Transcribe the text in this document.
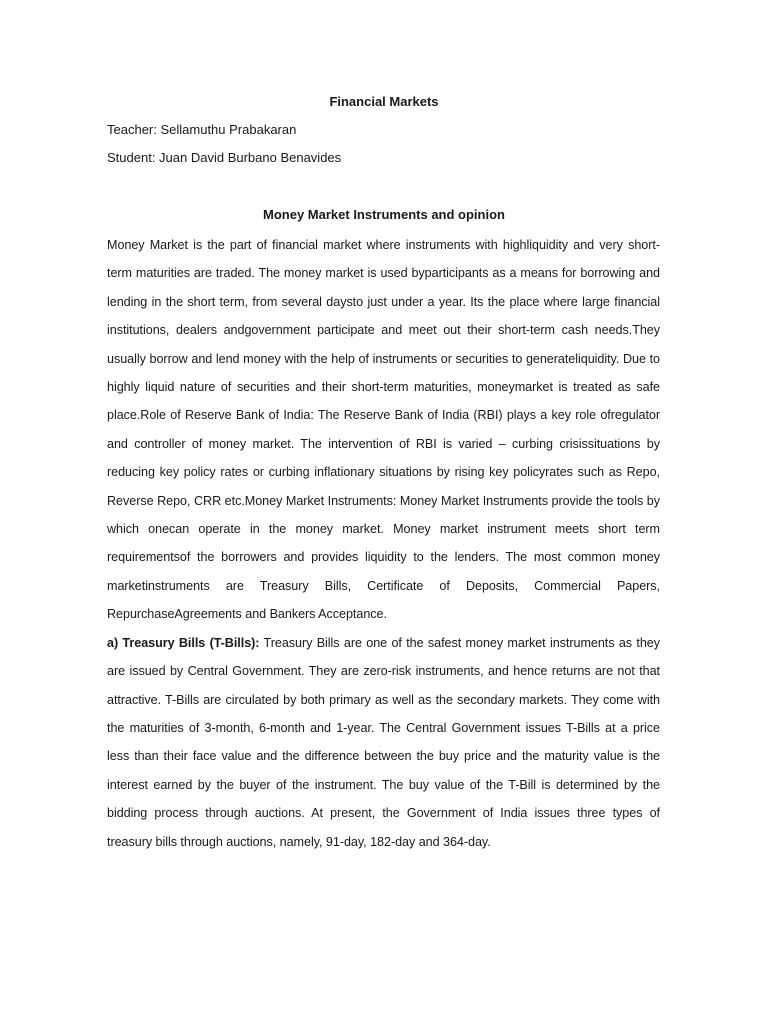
Financial Markets
Teacher: Sellamuthu Prabakaran
Student: Juan David Burbano Benavides
Money Market Instruments and opinion

Money Market is the part of financial market where instruments with highliquidity and very short-term maturities are traded. The money market is used byparticipants as a means for borrowing and lending in the short term, from several daysto just under a year. Its the place where large financial institutions, dealers andgovernment participate and meet out their short-term cash needs.They usually borrow and lend money with the help of instruments or securities to generateliquidity. Due to highly liquid nature of securities and their short-term maturities, moneymarket is treated as safe place.Role of Reserve Bank of India: The Reserve Bank of India (RBI) plays a key role ofregulator and controller of money market. The intervention of RBI is varied – curbing crisissituations by reducing key policy rates or curbing inflationary situations by rising key policyrates such as Repo, Reverse Repo, CRR etc.Money Market Instruments: Money Market Instruments provide the tools by which onecan operate in the money market. Money market instrument meets short term requirementsof the borrowers and provides liquidity to the lenders. The most common money marketinstruments are Treasury Bills, Certificate of Deposits, Commercial Papers, RepurchaseAgreements and Bankers Acceptance.

a) Treasury Bills (T-Bills): Treasury Bills are one of the safest money market instruments as they are issued by Central Government. They are zero-risk instruments, and hence returns are not that attractive. T-Bills are circulated by both primary as well as the secondary markets. They come with the maturities of 3-month, 6-month and 1-year. The Central Government issues T-Bills at a price less than their face value and the difference between the buy price and the maturity value is the interest earned by the buyer of the instrument. The buy value of the T-Bill is determined by the bidding process through auctions. At present, the Government of India issues three types of treasury bills through auctions, namely, 91-day, 182-day and 364-day.
